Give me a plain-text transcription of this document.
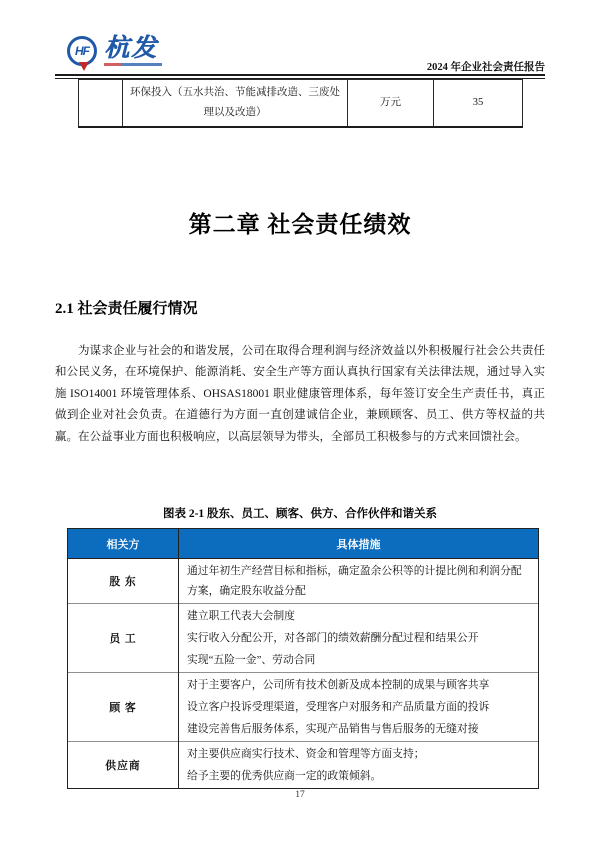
HF 杭发
2024 年企业社会责任报告
	环保投入（五水共治、节能减排改造、三废处理以及改造）	万元	35
第二章 社会责任绩效
2.1 社会责任履行情况
为谋求企业与社会的和谐发展，公司在取得合理利润与经济效益以外积极履行社会公共责任和公民义务，在环境保护、能源消耗、安全生产等方面认真执行国家有关法律法规，通过导入实施 ISO14001 环境管理体系、OHSAS18001 职业健康管理体系，每年签订安全生产责任书，真正做到企业对社会负责。在道德行为方面一直创建诚信企业，兼顾顾客、员工、供方等权益的共赢。在公益事业方面也积极响应，以高层领导为带头，全部员工积极参与的方式来回馈社会。
图表 2-1 股东、员工、顾客、供方、合作伙伴和谐关系
相关方	具体措施
股 东	通过年初生产经营目标和指标，确定盈余公积等的计提比例和利润分配方案，确定股东收益分配

员 工	建立职工代表大会制度
实行收入分配公开，对各部门的绩效薪酬分配过程和结果公开
实现“五险一金”、劳动合同

顾 客	对于主要客户，公司所有技术创新及成本控制的成果与顾客共享
设立客户投诉受理渠道，受理客户对服务和产品质量方面的投诉
建设完善售后服务体系，实现产品销售与售后服务的无缝对接

供应商	对主要供应商实行技术、资金和管理等方面支持；
给予主要的优秀供应商一定的政策倾斜。
17
